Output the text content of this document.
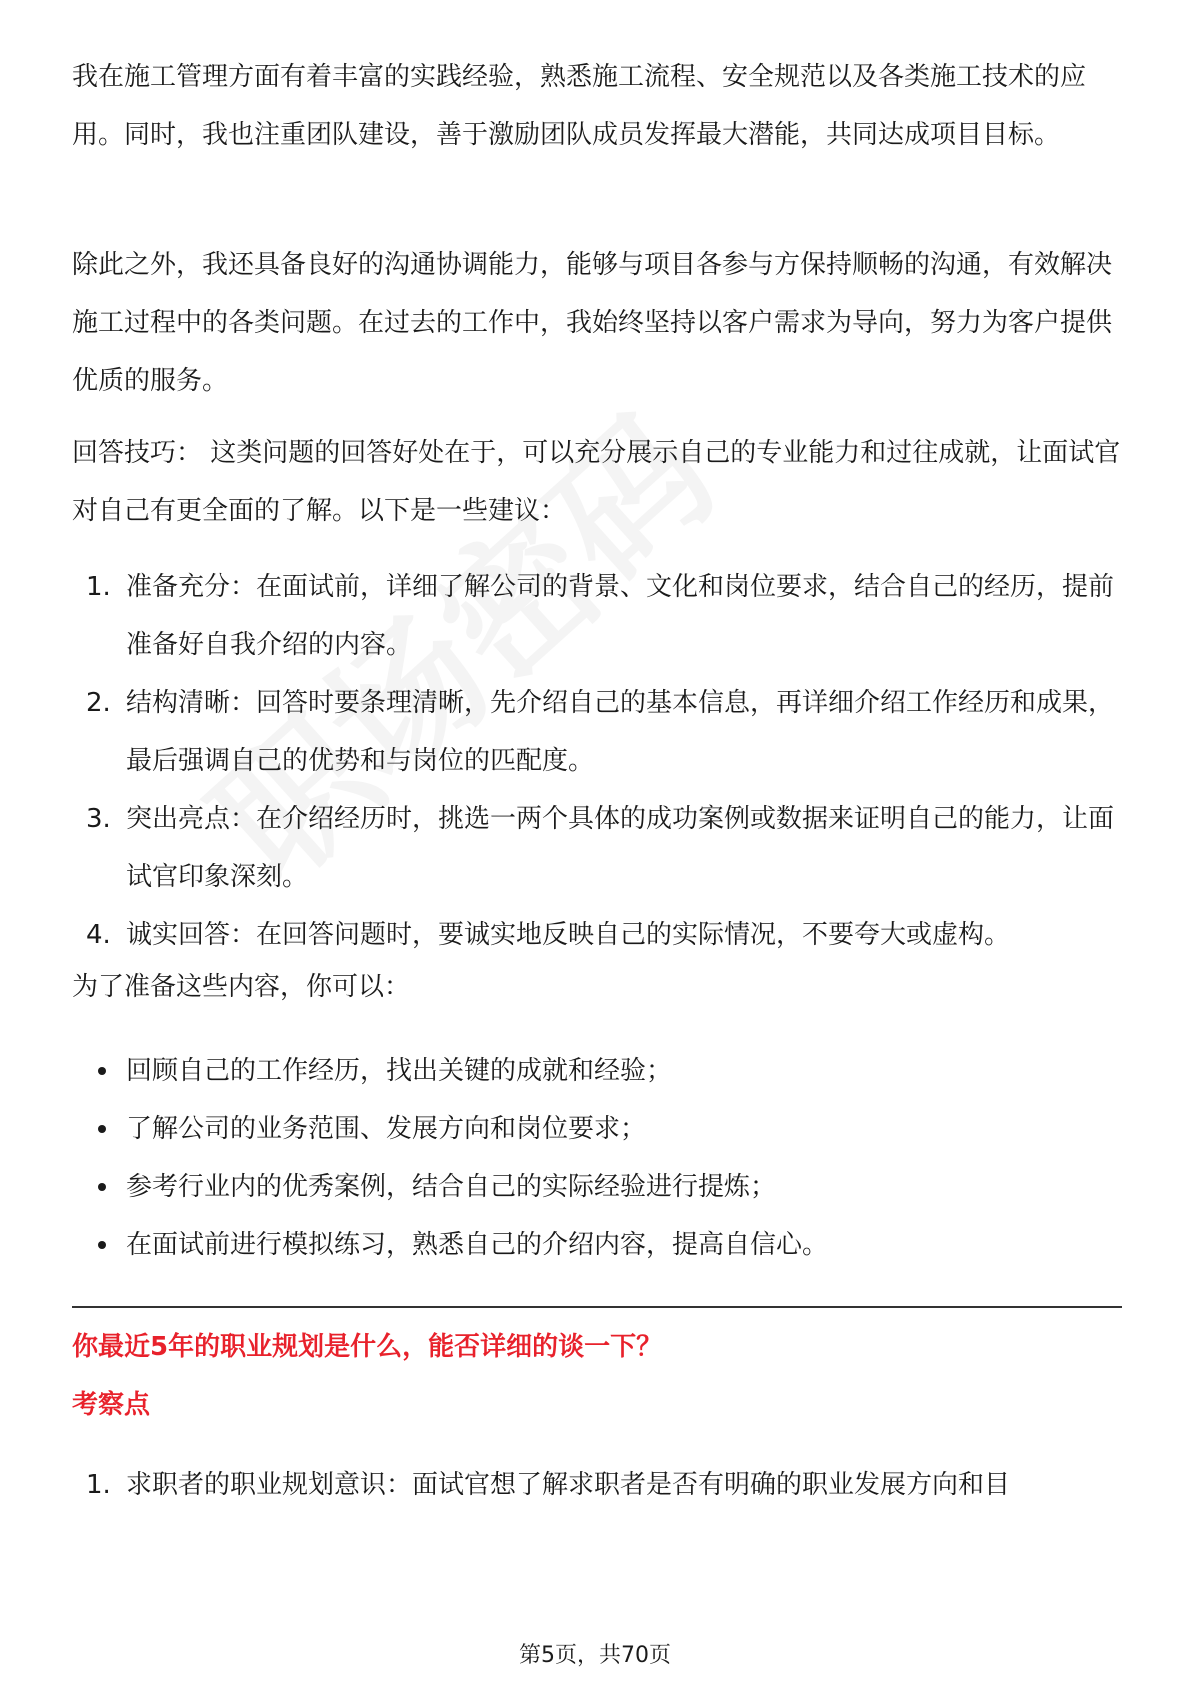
我在施工管理方面有着丰富的实践经验，熟悉施工流程、安全规范以及各类施工技术的应用。同时，我也注重团队建设，善于激励团队成员发挥最大潜能，共同达成项目目标。

除此之外，我还具备良好的沟通协调能力，能够与项目各参与方保持顺畅的沟通，有效解决施工过程中的各类问题。在过去的工作中，我始终坚持以客户需求为导向，努力为客户提供优质的服务。

回答技巧： 这类问题的回答好处在于，可以充分展示自己的专业能力和过往成就，让面试官对自己有更全面的了解。以下是一些建议：

1. 准备充分：在面试前，详细了解公司的背景、文化和岗位要求，结合自己的经历，提前准备好自我介绍的内容。
2. 结构清晰：回答时要条理清晰，先介绍自己的基本信息，再详细介绍工作经历和成果，最后强调自己的优势和与岗位的匹配度。
3. 突出亮点：在介绍经历时，挑选一两个具体的成功案例或数据来证明自己的能力，让面试官印象深刻。
4. 诚实回答：在回答问题时，要诚实地反映自己的实际情况，不要夸大或虚构。

为了准备这些内容，你可以：

回顾自己的工作经历，找出关键的成就和经验；
了解公司的业务范围、发展方向和岗位要求；
参考行业内的优秀案例，结合自己的实际经验进行提炼；
在面试前进行模拟练习，熟悉自己的介绍内容，提高自信心。

你最近5年的职业规划是什么，能否详细的谈一下？

考察点

1. 求职者的职业规划意识：面试官想了解求职者是否有明确的职业发展方向和目
第5页，共70页
